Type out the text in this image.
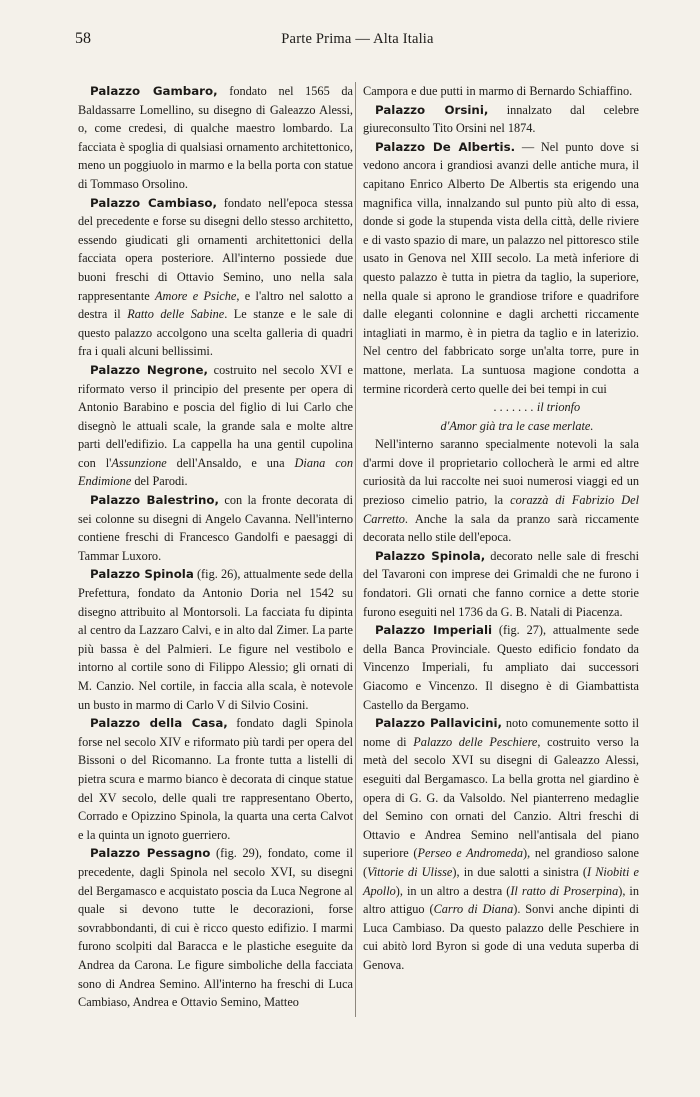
58	Parte Prima — Alta Italia

Palazzo Gambaro, fondato nel 1565 da Baldassarre Lomellino, su disegno di Galeazzo Alessi, o, come credesi, di qualche maestro lombardo. La facciata è spoglia di qualsiasi ornamento architettonico, meno un poggiuolo in marmo e la bella porta con statue di Tommaso Orsolino.

Palazzo Cambiaso, fondato nell'epoca stessa del precedente e forse su disegni dello stesso architetto, essendo giudicati gli ornamenti architettonici della facciata opera posteriore. All'interno possiede due buoni freschi di Ottavio Semino, uno nella sala rappresentante Amore e Psiche, e l'altro nel salotto a destra il Ratto delle Sabine. Le stanze e le sale di questo palazzo accolgono una scelta galleria di quadri fra i quali alcuni bellissimi.

Palazzo Negrone, costruito nel secolo XVI e riformato verso il principio del presente per opera di Antonio Barabino e poscia del figlio di lui Carlo che disegnò le attuali scale, la grande sala e molte altre parti dell'edifizio. La cappella ha una gentil cupolina con l'Assunzione dell'Ansaldo, e una Diana con Endimione del Parodi.

Palazzo Balestrino, con la fronte decorata di sei colonne su disegni di Angelo Cavanna. Nell'interno contiene freschi di Francesco Gandolfi e paesaggi di Tammar Luxoro.

Palazzo Spinola (fig. 26), attualmente sede della Prefettura, fondato da Antonio Doria nel 1542 su disegno attribuito al Montorsoli. La facciata fu dipinta al centro da Lazzaro Calvi, e in alto dal Zimer. La parte più bassa è del Palmieri. Le figure nel vestibolo e intorno al cortile sono di Filippo Alessio; gli ornati di M. Canzio. Nel cortile, in faccia alla scala, è notevole un busto in marmo di Carlo V di Silvio Cosini.

Palazzo della Casa, fondato dagli Spinola forse nel secolo XIV e riformato più tardi per opera del Bissoni o del Ricomanno. La fronte tutta a listelli di pietra scura e marmo bianco è decorata di cinque statue del XV secolo, delle quali tre rappresentano Oberto, Corrado e Opizzino Spinola, la quarta una certa Calvot e la quinta un ignoto guerriero.

Palazzo Pessagno (fig. 29), fondato, come il precedente, dagli Spinola nel secolo XVI, su disegni del Bergamasco e acquistato poscia da Luca Negrone al quale si devono tutte le decorazioni, forse sovrabbondanti, di cui è ricco questo edifizio. I marmi furono scolpiti dal Baracca e le plastiche eseguite da Andrea da Carona. Le figure simboliche della facciata sono di Andrea Semino. All'interno ha freschi di Luca Cambiaso, Andrea e Ottavio Semino, Matteo

Campora e due putti in marmo di Bernardo Schiaffino.

Palazzo Orsini, innalzato dal celebre giureconsulto Tito Orsini nel 1874.

Palazzo De Albertis. — Nel punto dove si vedono ancora i grandiosi avanzi delle antiche mura, il capitano Enrico Alberto De Albertis sta erigendo una magnifica villa, innalzando sul punto più alto di essa, donde si gode la stupenda vista della città, delle riviere e di vasto spazio di mare, un palazzo nel pittoresco stile usato in Genova nel XIII secolo. La metà inferiore di questo palazzo è tutta in pietra da taglio, la superiore, nella quale si aprono le grandiose trifore e quadrifore dalle eleganti colonnine e dagli archetti riccamente intagliati in marmo, è in pietra da taglio e in laterizio. Nel centro del fabbricato sorge un'alta torre, pure in mattone, merlata. La suntuosa magione condotta a termine ricorderà certo quelle dei bei tempi in cui

. . . . . . . il trionfo

d'Amor già tra le case merlate.

Nell'interno saranno specialmente notevoli la sala d'armi dove il proprietario collocherà le armi ed altre curiosità da lui raccolte nei suoi numerosi viaggi ed un prezioso cimelio patrio, la corazzà di Fabrizio Del Carretto. Anche la sala da pranzo sarà riccamente decorata nello stile dell'epoca.

Palazzo Spinola, decorato nelle sale di freschi del Tavaroni con imprese dei Grimaldi che ne furono i fondatori. Gli ornati che fanno cornice a dette storie furono eseguiti nel 1736 da G. B. Natali di Piacenza.

Palazzo Imperiali (fig. 27), attualmente sede della Banca Provinciale. Questo edificio fondato da Vincenzo Imperiali, fu ampliato dai successori Giacomo e Vincenzo. Il disegno è di Giambattista Castello da Bergamo.

Palazzo Pallavicini, noto comunemente sotto il nome di Palazzo delle Peschiere, costruito verso la metà del secolo XVI su disegni di Galeazzo Alessi, eseguiti dal Bergamasco. La bella grotta nel giardino è opera di G. G. da Valsoldo. Nel pianterreno medaglie del Semino con ornati del Canzio. Altri freschi di Ottavio e Andrea Semino nell'antisala del piano superiore (Perseo e Andromeda), nel grandioso salone (Vittorie di Ulisse), in due salotti a sinistra (I Niobiti e Apollo), in un altro a destra (Il ratto di Proserpina), in altro attiguo (Carro di Diana). Sonvi anche dipinti di Luca Cambiaso. Da questo palazzo delle Peschiere in cui abitò lord Byron si gode di una veduta superba di Genova.
